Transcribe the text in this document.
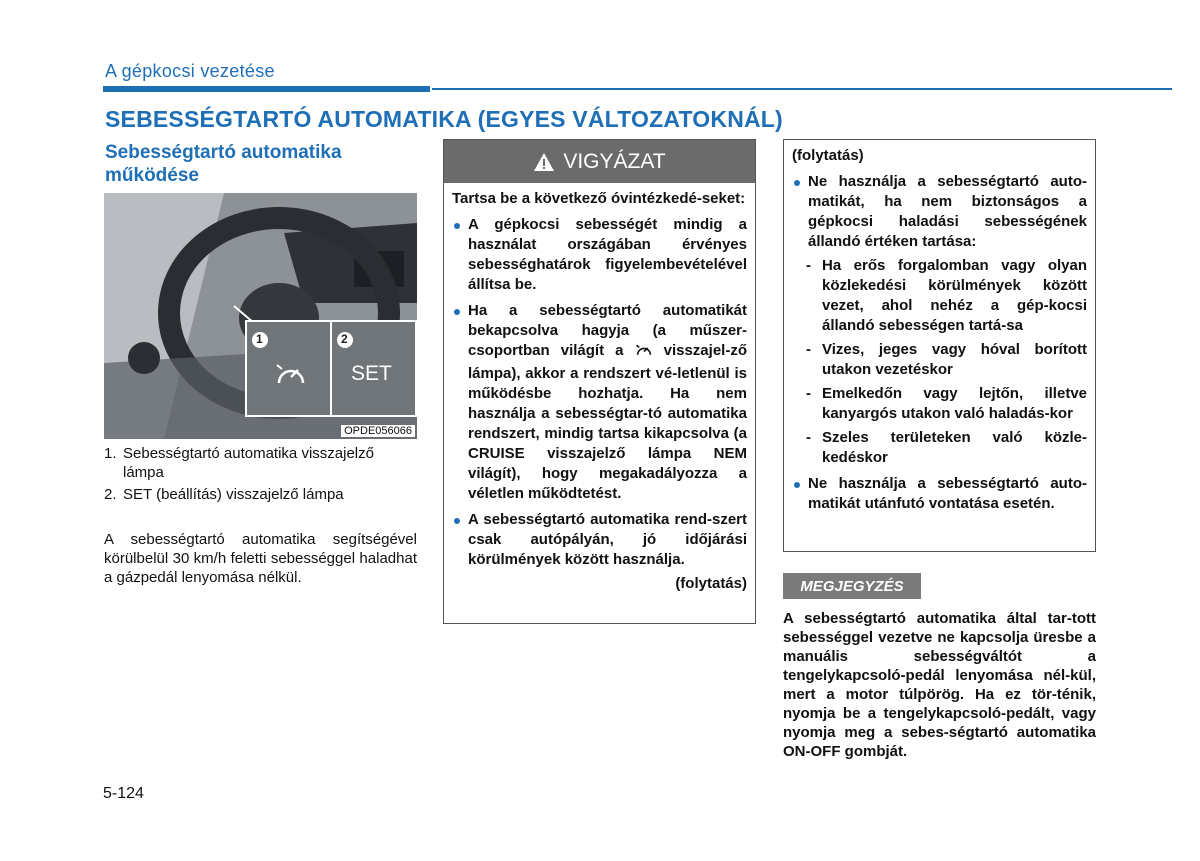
A gépkocsi vezetése
SEBESSÉGTARTÓ AUTOMATIKA (EGYES VÁLTOZATOKNÁL)
Sebességtartó automatika működése
1	2
SET
OPDE056066
1. Sebességtartó automatika visszajelző lámpa
2. SET (beállítás) visszajelző lámpa
A sebességtartó automatika segítségével körülbelül 30 km/h feletti sebességgel haladhat a gázpedál lenyomása nélkül.
VIGYÁZAT
Tartsa be a következő óvintézkedé-seket:
A gépkocsi sebességét mindig a használat országában érvényes sebességhatárok figyelembevételével állítsa be.
Ha a sebességtartó automatikát bekapcsolva hagyja (a műszer-csoportban világít a	visszajel-ző lámpa), akkor a rendszert vé-letlenül is működésbe hozhatja. Ha nem használja a sebességtar-tó automatika rendszert, mindig tartsa kikapcsolva (a CRUISE visszajelző lámpa NEM világít), hogy megakadályozza a véletlen működtetést.
A sebességtartó automatika rend-szert csak autópályán, jó időjárási körülmények között használja.
(folytatás)
(folytatás)
Ne használja a sebességtartó auto-matikát, ha nem biztonságos a gépkocsi haladási sebességének állandó értéken tartása:
- Ha erős forgalomban vagy olyan közlekedési körülmények között vezet, ahol nehéz a gép-kocsi állandó sebességen tartá-sa
- Vizes, jeges vagy hóval borított utakon vezetéskor
- Emelkedőn vagy lejtőn, illetve kanyargós utakon való haladás-kor
- Szeles területeken való közle-kedéskor
Ne használja a sebességtartó auto-matikát utánfutó vontatása esetén.
MEGJEGYZÉS
A sebességtartó automatika által tar-tott sebességgel vezetve ne kapcsolja üresbe a manuális sebességváltót a tengelykapcsoló-pedál lenyomása nél-kül, mert a motor túlpörög. Ha ez tör-ténik, nyomja be a tengelykapcsoló-pedált, vagy nyomja meg a sebes-ségtartó automatika ON-OFF gombját.
5-124
